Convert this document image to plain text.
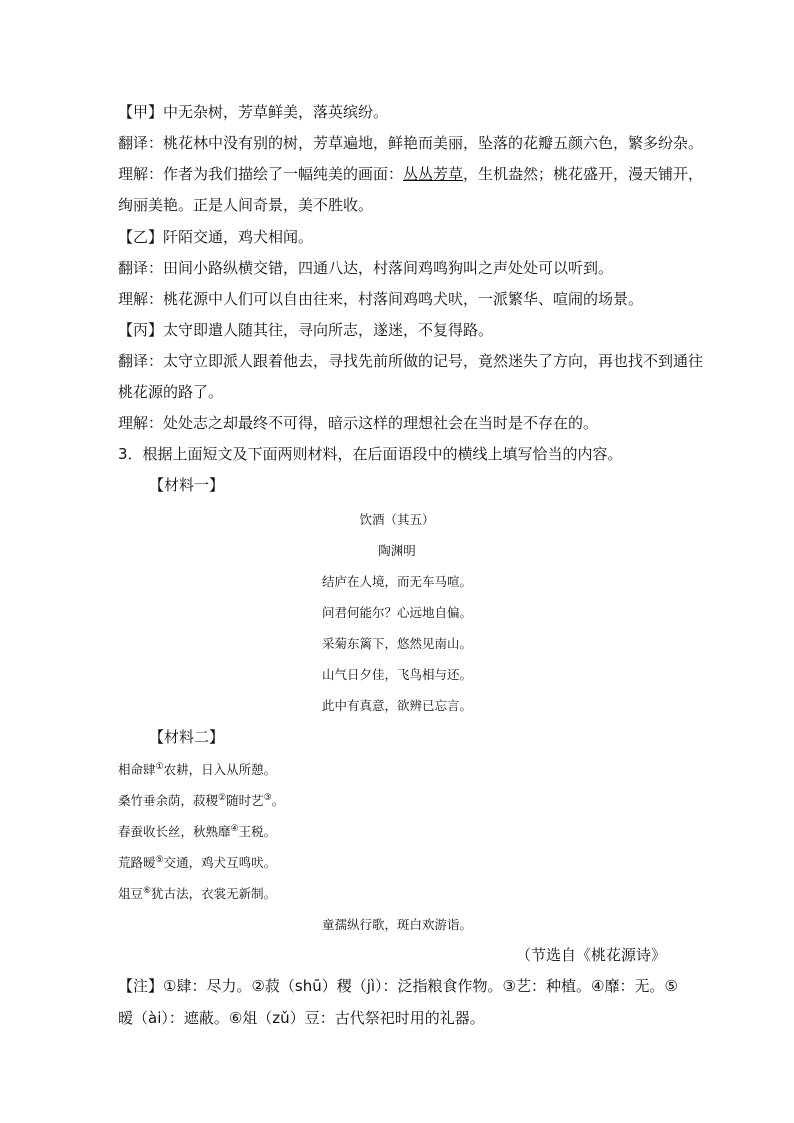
【甲】中无杂树，芳草鲜美，落英缤纷。
翻译：桃花林中没有别的树，芳草遍地，鲜艳而美丽，坠落的花瓣五颜六色，繁多纷杂。
理解：作者为我们描绘了一幅纯美的画面：丛丛芳草，生机盎然；桃花盛开，漫天铺开，
绚丽美艳。正是人间奇景，美不胜收。
【乙】阡陌交通，鸡犬相闻。
翻译：田间小路纵横交错，四通八达，村落间鸡鸣狗叫之声处处可以听到。
理解：桃花源中人们可以自由往来，村落间鸡鸣犬吠，一派繁华、喧闹的场景。
【丙】太守即遣人随其往，寻向所志，遂迷，不复得路。
翻译：太守立即派人跟着他去，寻找先前所做的记号，竟然迷失了方向，再也找不到通往
桃花源的路了。
理解：处处志之却最终不可得，暗示这样的理想社会在当时是不存在的。
3．根据上面短文及下面两则材料，在后面语段中的横线上填写恰当的内容。
【材料一】
饮酒（其五）
陶渊明
结庐在人境，而无车马喧。
问君何能尔？心远地自偏。
采菊东篱下，悠然见南山。
山气日夕佳，飞鸟相与还。
此中有真意，欲辨已忘言。
【材料二】
相命肆①农耕，日入从所憩。
桑竹垂余荫，菽稷②随时艺③。
春蚕收长丝，秋熟靡④王税。
荒路暧⑤交通，鸡犬互鸣吠。
俎豆⑥犹古法，衣裳无新制。
童孺纵行歌，斑白欢游诣。
（节选自《桃花源诗》
【注】①肆：尽力。②菽（shū）稷（jì）：泛指粮食作物。③艺：种植。④靡：无。⑤
暧（ài）：遮蔽。⑥俎（zǔ）豆：古代祭祀时用的礼器。
